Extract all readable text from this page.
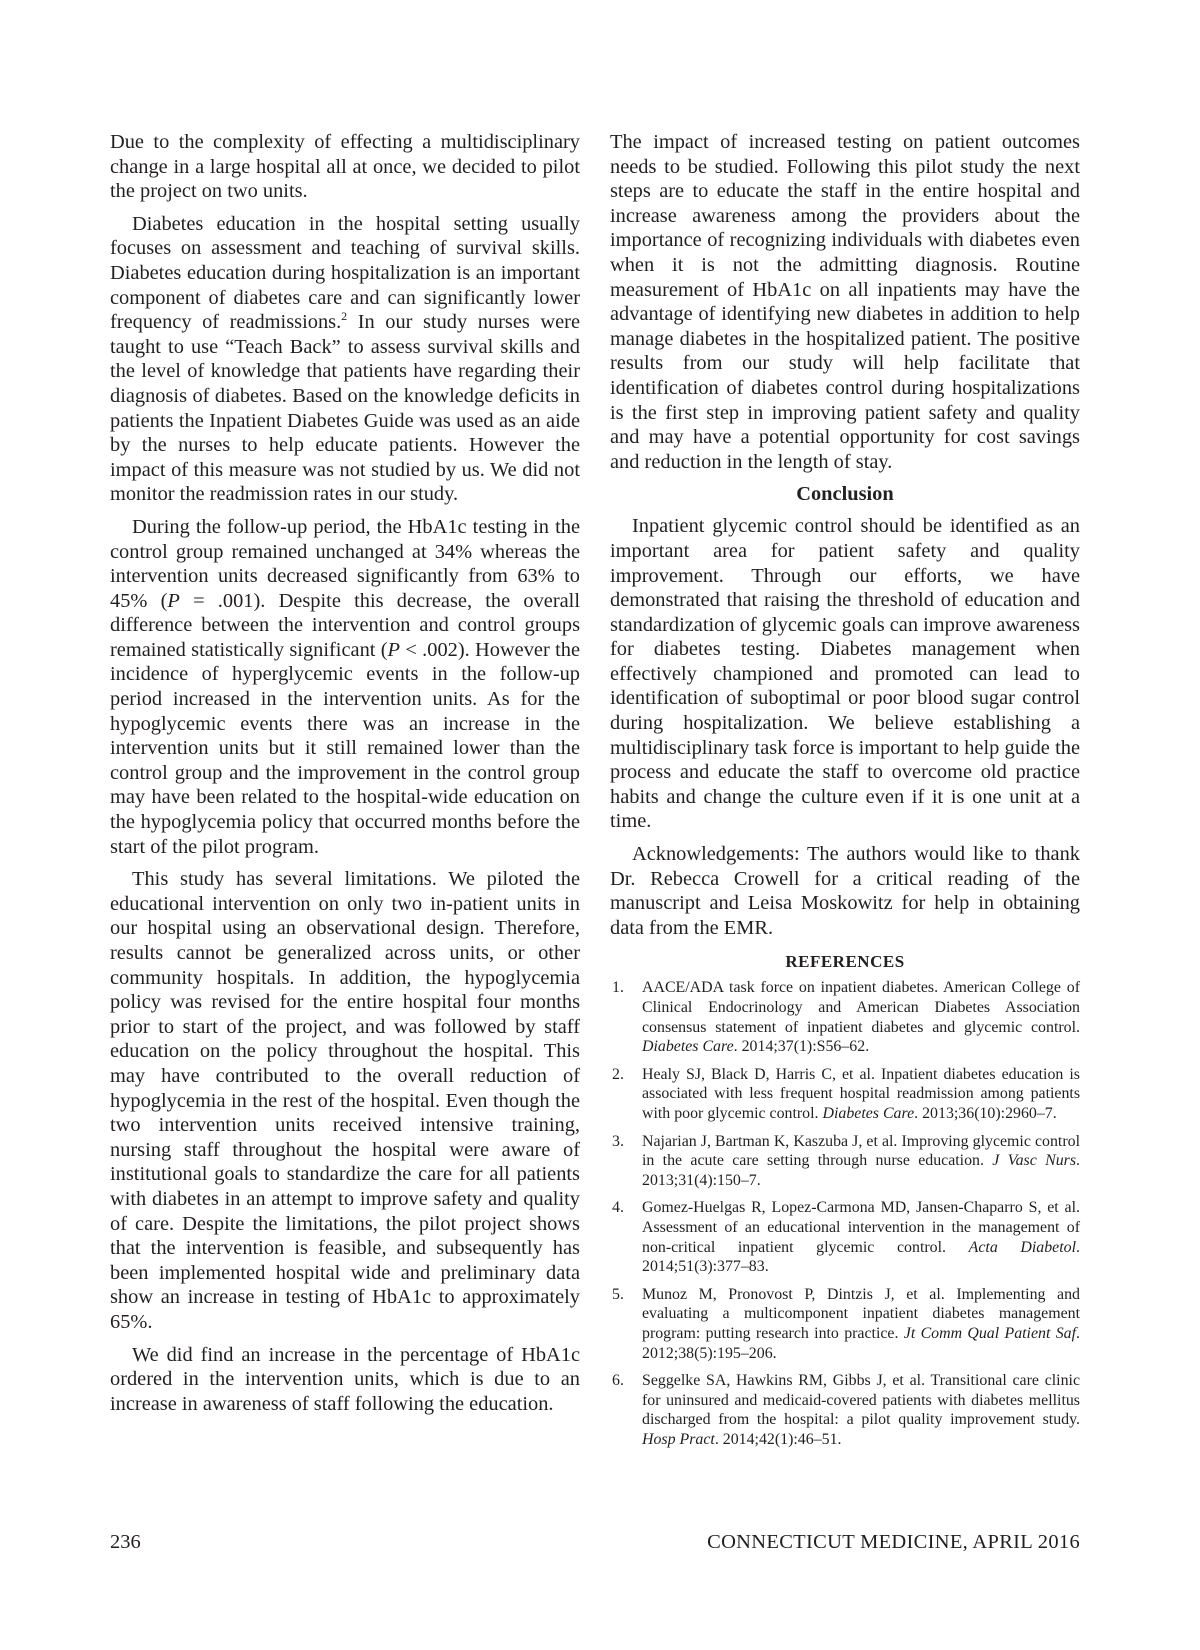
Due to the complexity of effecting a multidisciplinary change in a large hospital all at once, we decided to pilot the project on two units.

Diabetes education in the hospital setting usually focuses on assessment and teaching of survival skills. Diabetes education during hospitalization is an important component of diabetes care and can significantly lower frequency of readmissions.$^2$ In our study nurses were taught to use “Teach Back” to assess survival skills and the level of knowledge that patients have regarding their diagnosis of diabetes. Based on the knowledge deficits in patients the Inpatient Diabetes Guide was used as an aide by the nurses to help educate patients. However the impact of this measure was not studied by us. We did not monitor the readmission rates in our study.

During the follow-up period, the HbA1c testing in the control group remained unchanged at 34% whereas the intervention units decreased significantly from 63% to 45% (P = .001). Despite this decrease, the overall difference between the intervention and control groups remained statistically significant (P < .002). However the incidence of hyperglycemic events in the follow-up period increased in the intervention units. As for the hypoglycemic events there was an increase in the intervention units but it still remained lower than the control group and the improvement in the control group may have been related to the hospital-wide education on the hypoglycemia policy that occurred months before the start of the pilot program.

This study has several limitations. We piloted the educational intervention on only two in-patient units in our hospital using an observational design. Therefore, results cannot be generalized across units, or other community hospitals. In addition, the hypoglycemia policy was revised for the entire hospital four months prior to start of the project, and was followed by staff education on the policy throughout the hospital. This may have contributed to the overall reduction of hypoglycemia in the rest of the hospital. Even though the two intervention units received intensive training, nursing staff throughout the hospital were aware of institutional goals to standardize the care for all patients with diabetes in an attempt to improve safety and quality of care. Despite the limitations, the pilot project shows that the intervention is feasible, and subsequently has been implemented hospital wide and preliminary data show an increase in testing of HbA1c to approximately 65%.

We did find an increase in the percentage of HbA1c ordered in the intervention units, which is due to an increase in awareness of staff following the education.

The impact of increased testing on patient outcomes needs to be studied. Following this pilot study the next steps are to educate the staff in the entire hospital and increase awareness among the providers about the importance of recognizing individuals with diabetes even when it is not the admitting diagnosis. Routine measurement of HbA1c on all inpatients may have the advantage of identifying new diabetes in addition to help manage diabetes in the hospitalized patient. The positive results from our study will help facilitate that identification of diabetes control during hospitalizations is the first step in improving patient safety and quality and may have a potential opportunity for cost savings and reduction in the length of stay.

Conclusion

Inpatient glycemic control should be identified as an important area for patient safety and quality improvement. Through our efforts, we have demonstrated that raising the threshold of education and standardization of glycemic goals can improve awareness for diabetes testing. Diabetes management when effectively championed and promoted can lead to identification of suboptimal or poor blood sugar control during hospitalization. We believe establishing a multidisciplinary task force is important to help guide the process and educate the staff to overcome old practice habits and change the culture even if it is one unit at a time.

Acknowledgements: The authors would like to thank Dr. Rebecca Crowell for a critical reading of the manuscript and Leisa Moskowitz for help in obtaining data from the EMR.

REFERENCES
1. AACE/ADA task force on inpatient diabetes. American College of Clinical Endocrinology and American Diabetes Association consensus statement of inpatient diabetes and glycemic control. Diabetes Care. 2014;37(1):S56–62.
2. Healy SJ, Black D, Harris C, et al. Inpatient diabetes education is associated with less frequent hospital readmission among patients with poor glycemic control. Diabetes Care. 2013;36(10):2960–7.
3. Najarian J, Bartman K, Kaszuba J, et al. Improving glycemic control in the acute care setting through nurse education. J Vasc Nurs. 2013;31(4):150–7.
4. Gomez-Huelgas R, Lopez-Carmona MD, Jansen-Chaparro S, et al. Assessment of an educational intervention in the management of non-critical inpatient glycemic control. Acta Diabetol. 2014;51(3):377–83.
5. Munoz M, Pronovost P, Dintzis J, et al. Implementing and evaluating a multicomponent inpatient diabetes management program: putting research into practice. Jt Comm Qual Patient Saf. 2012;38(5):195–206.
6. Seggelke SA, Hawkins RM, Gibbs J, et al. Transitional care clinic for uninsured and medicaid-covered patients with diabetes mellitus discharged from the hospital: a pilot quality improvement study. Hosp Pract. 2014;42(1):46–51.
236	CONNECTICUT MEDICINE, APRIL 2016
